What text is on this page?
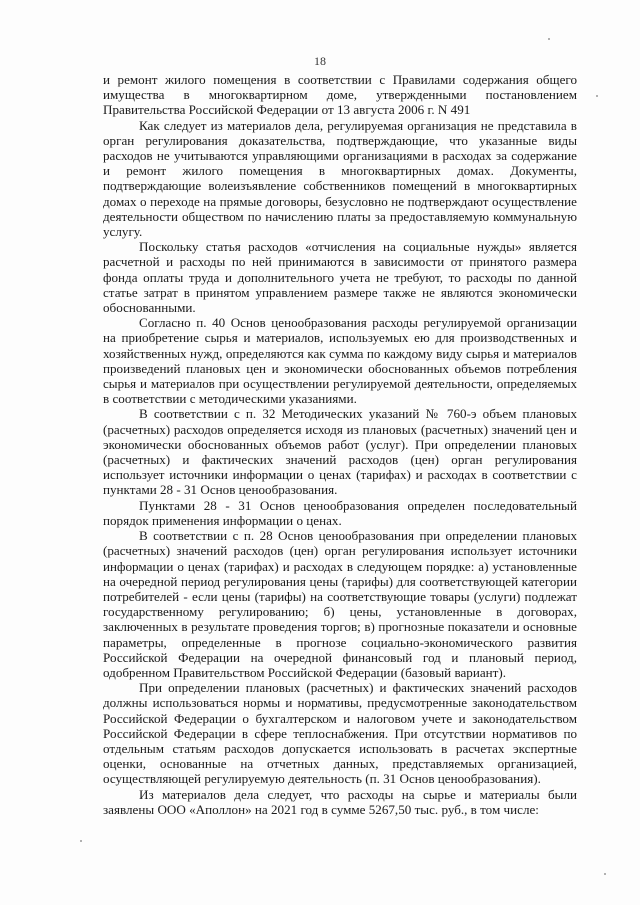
18

и ремонт жилого помещения в соответствии с Правилами содержания общего имущества в многоквартирном доме, утвержденными постановлением Правительства Российской Федерации от 13 августа 2006 г. N 491

Как следует из материалов дела, регулируемая организация не представила в орган регулирования доказательства, подтверждающие, что указанные виды расходов не учитываются управляющими организациями в расходах за содержание и ремонт жилого помещения в многоквартирных домах. Документы, подтверждающие волеизъявление собственников помещений в многоквартирных домах о переходе на прямые договоры, безусловно не подтверждают осуществление деятельности обществом по начислению платы за предоставляемую коммунальную услугу.

Поскольку статья расходов «отчисления на социальные нужды» является расчетной и расходы по ней принимаются в зависимости от принятого размера фонда оплаты труда и дополнительного учета не требуют, то расходы по данной статье затрат в принятом управлением размере также не являются экономически обоснованными.

Согласно п. 40 Основ ценообразования расходы регулируемой организации на приобретение сырья и материалов, используемых ею для производственных и хозяйственных нужд, определяются как сумма по каждому виду сырья и материалов произведений плановых цен и экономически обоснованных объемов потребления сырья и материалов при осуществлении регулируемой деятельности, определяемых в соответствии с методическими указаниями.

В соответствии с п. 32 Методических указаний № 760-э объем плановых (расчетных) расходов определяется исходя из плановых (расчетных) значений цен и экономически обоснованных объемов работ (услуг). При определении плановых (расчетных) и фактических значений расходов (цен) орган регулирования использует источники информации о ценах (тарифах) и расходах в соответствии с пунктами 28 - 31 Основ ценообразования.

Пунктами 28 - 31 Основ ценообразования определен последовательный порядок применения информации о ценах.

В соответствии с п. 28 Основ ценообразования при определении плановых (расчетных) значений расходов (цен) орган регулирования использует источники информации о ценах (тарифах) и расходах в следующем порядке: а) установленные на очередной период регулирования цены (тарифы) для соответствующей категории потребителей - если цены (тарифы) на соответствующие товары (услуги) подлежат государственному регулированию; б) цены, установленные в договорах, заключенных в результате проведения торгов; в) прогнозные показатели и основные параметры, определенные в прогнозе социально-экономического развития Российской Федерации на очередной финансовый год и плановый период, одобренном Правительством Российской Федерации (базовый вариант).

При определении плановых (расчетных) и фактических значений расходов должны использоваться нормы и нормативы, предусмотренные законодательством Российской Федерации о бухгалтерском и налоговом учете и законодательством Российской Федерации в сфере теплоснабжения. При отсутствии нормативов по отдельным статьям расходов допускается использовать в расчетах экспертные оценки, основанные на отчетных данных, представляемых организацией, осуществляющей регулируемую деятельность (п. 31 Основ ценообразования).

Из материалов дела следует, что расходы на сырье и материалы были заявлены ООО «Аполлон» на 2021 год в сумме 5267,50 тыс. руб., в том числе:
